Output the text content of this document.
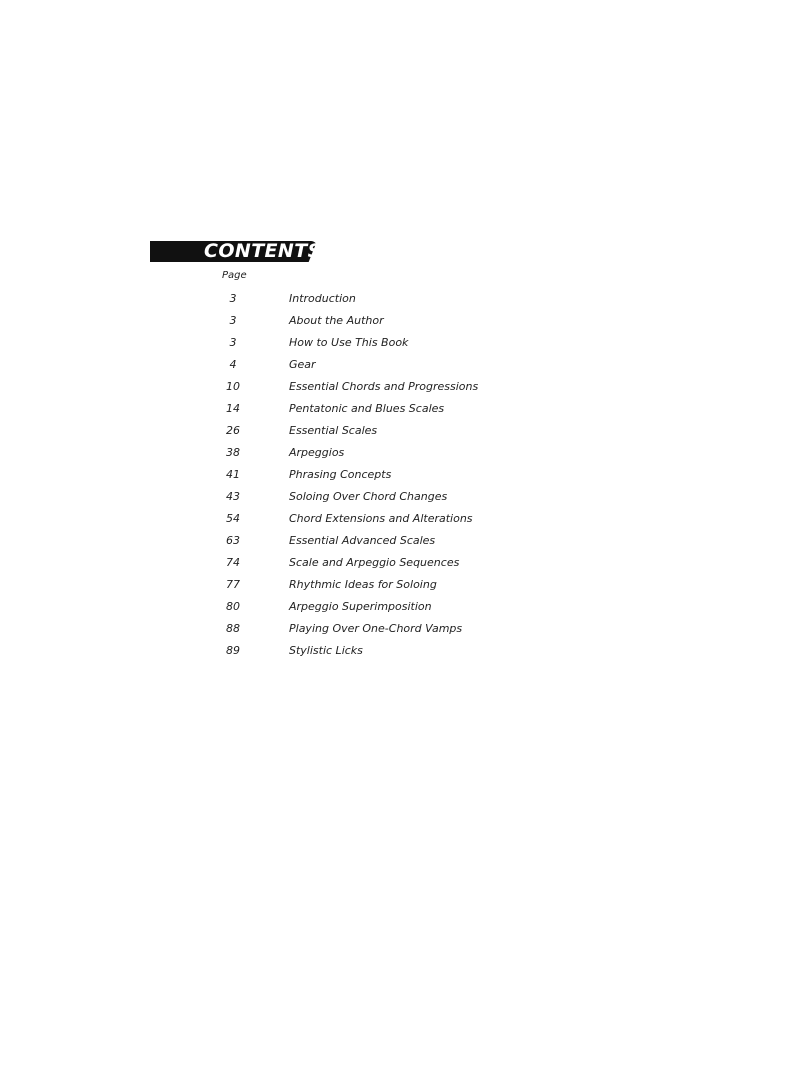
CONTENTS
Page
3	Introduction
3	About the Author
3	How to Use This Book
4	Gear
10	Essential Chords and Progressions
14	Pentatonic and Blues Scales
26	Essential Scales
38	Arpeggios
41	Phrasing Concepts
43	Soloing Over Chord Changes
54	Chord Extensions and Alterations
63	Essential Advanced Scales
74	Scale and Arpeggio Sequences
77	Rhythmic Ideas for Soloing
80	Arpeggio Superimposition
88	Playing Over One-Chord Vamps
89	Stylistic Licks
